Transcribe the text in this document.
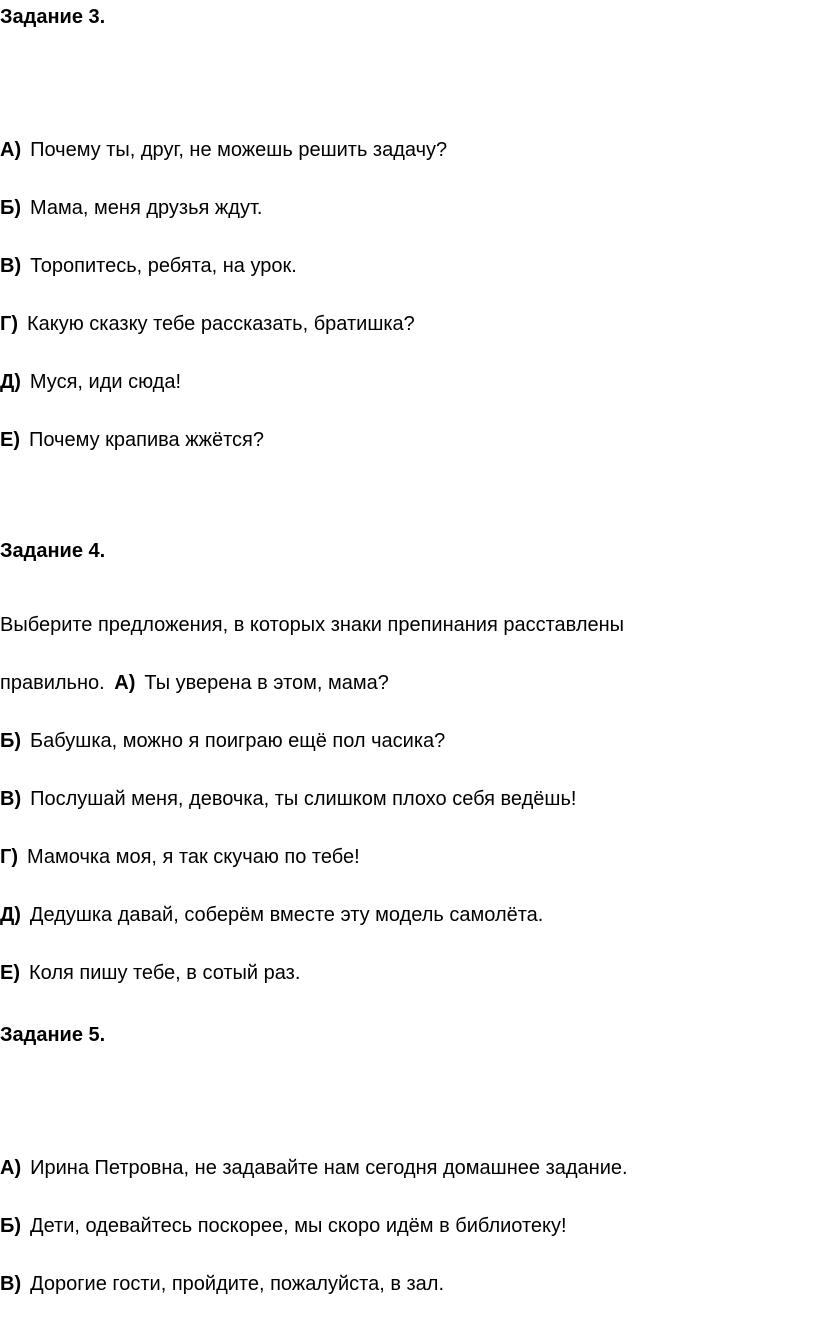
Задание 3.
А) Почему ты, друг, не можешь решить задачу?
Б) Мама, меня друзья ждут.
В) Торопитесь, ребята, на урок.
Г) Какую сказку тебе рассказать, братишка?
Д) Муся, иди сюда!
Е) Почему крапива жжётся?
Задание 4.
Выберите предложения, в которых знаки препинания расставлены
правильно. А) Ты уверена в этом, мама?
Б) Бабушка, можно я поиграю ещё пол часика?
В) Послушай меня, девочка, ты слишком плохо себя ведёшь!
Г) Мамочка моя, я так скучаю по тебе!
Д) Дедушка давай, соберём вместе эту модель самолёта.
Е) Коля пишу тебе, в сотый раз.
Задание 5.
А) Ирина Петровна, не задавайте нам сегодня домашнее задание.
Б) Дети, одевайтесь поскорее, мы скоро идём в библиотеку!
В) Дорогие гости, пройдите, пожалуйста, в зал.
